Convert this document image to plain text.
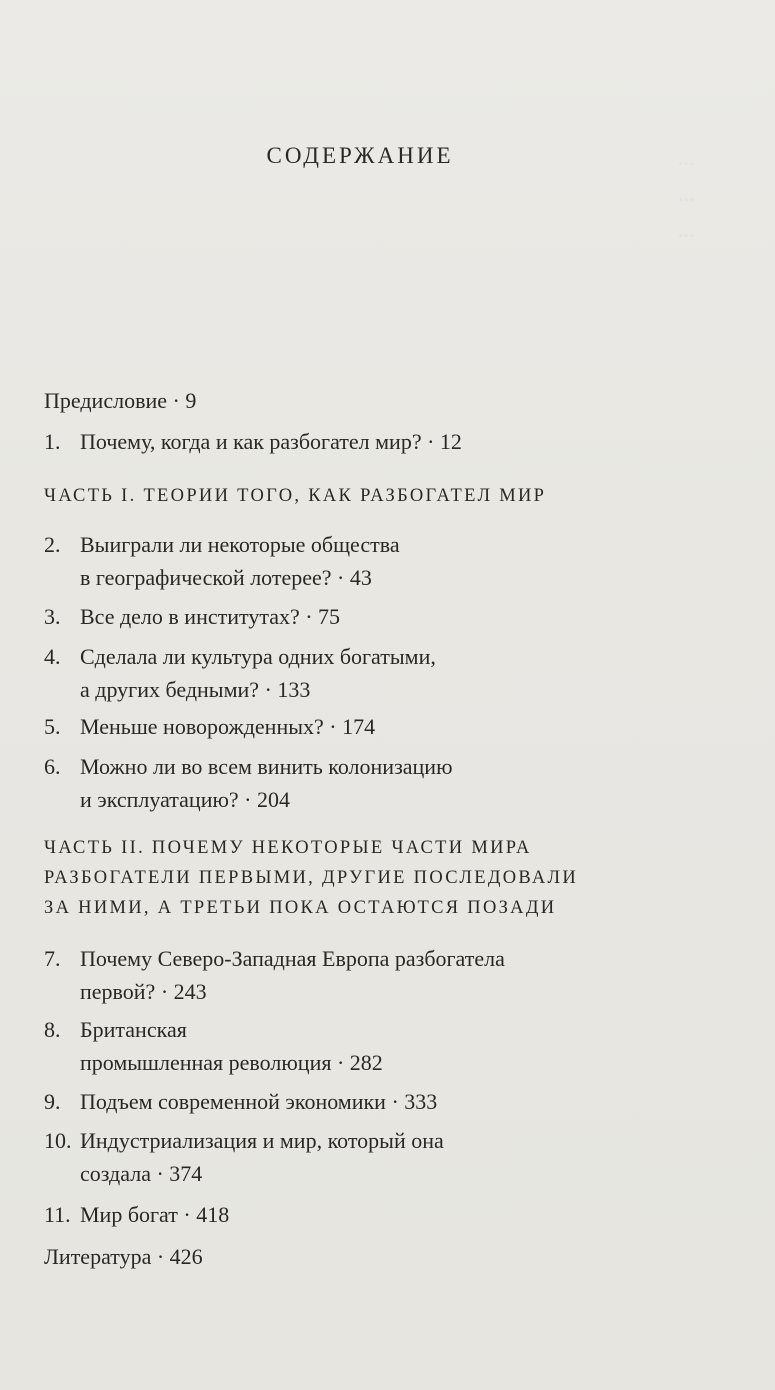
...
...
...
СОДЕРЖАНИЕ
Предисловие · 9
1. Почему, когда и как разбогател мир? · 12
ЧАСТЬ I. ТЕОРИИ ТОГО, КАК РАЗБОГАТЕЛ МИР
2. Выиграли ли некоторые общества
в географической лотерее? · 43
3. Все дело в институтах? · 75
4. Сделала ли культура одних богатыми,
а других бедными? · 133
5. Меньше новорожденных? · 174
6. Можно ли во всем винить колонизацию
и эксплуатацию? · 204
ЧАСТЬ II. ПОЧЕМУ НЕКОТОРЫЕ ЧАСТИ МИРА
РАЗБОГАТЕЛИ ПЕРВЫМИ, ДРУГИЕ ПОСЛЕДОВАЛИ
ЗА НИМИ, А ТРЕТЬИ ПОКА ОСТАЮТСЯ ПОЗАДИ
7. Почему Северо-Западная Европа разбогатела
первой? · 243
8. Британская
промышленная революция · 282
9. Подъем современной экономики · 333
10. Индустриализация и мир, который она
создала · 374
11. Мир богат · 418
Литература · 426
